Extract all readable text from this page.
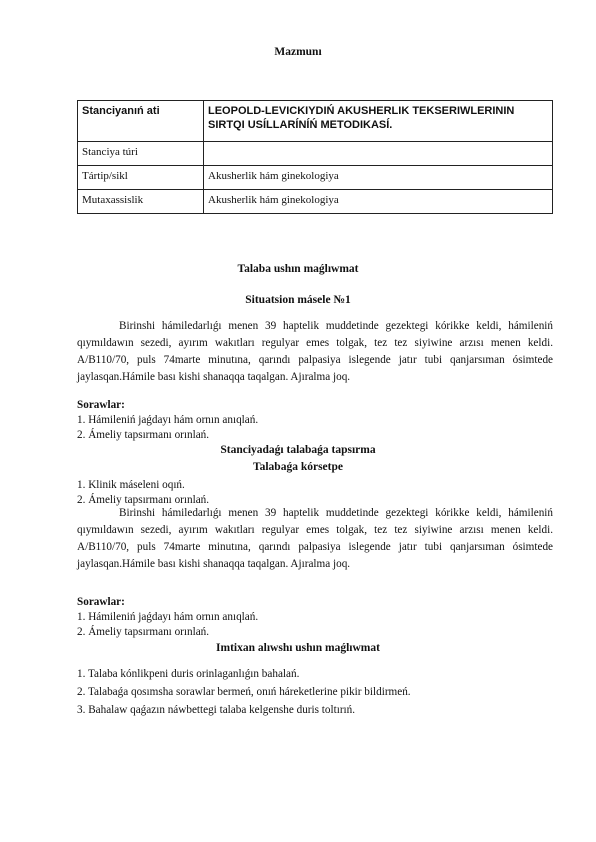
Mazmunı
Stanciyanıń ati	LEOPOLD-LEVICKIYDIŃ AKUSHERLIK TEKSERIWLERININ SIRTQI USÍLLARÍNÍŃ METODIKASÍ.
Stanciya túri	
Tártip/sikl	Akusherlik hám ginekologiya
Mutaxassislik	Akusherlik hám ginekologiya
Talaba ushın maǵlıwmat
Situatsion másele №1
Birinshi hámiledarlıǵı menen 39 haptelik muddetinde gezektegi kórikke keldi, hámileniń qıymıldawın sezedi, ayırım wakıtları regulyar emes tolgak, tez tez siyiwine arzısı menen keldi. A/B110/70, puls 74marte minutına, qarındı palpasiya islegende jatır tubi qanjarsıman ósimtede jaylasqan.Hámile bası kishi shanaqqa taqalgan. Ajıralma joq.
Sorawlar:
1. Hámileniń jaǵdayı hám ornın anıqlań.
2. Ámeliy tapsırmanı orınlań.
Stanciyadaǵı talabaǵa tapsırma
Talabaǵa kórsetpe
1. Klinik máseleni oqıń.
2. Ámeliy tapsırmanı orınlań.
Birinshi hámiledarlıǵı menen 39 haptelik muddetinde gezektegi kórikke keldi, hámileniń qıymıldawın sezedi, ayırım wakıtları regulyar emes tolgak, tez tez siyiwine arzısı menen keldi. A/B110/70, puls 74marte minutına, qarındı palpasiya islegende jatır tubi qanjarsıman ósimtede jaylasqan.Hámile bası kishi shanaqqa taqalgan. Ajıralma joq.
Sorawlar:
1. Hámileniń jaǵdayı hám ornın anıqlań.
2. Ámeliy tapsırmanı orınlań.
Imtixan alıwshı ushın maǵlıwmat
1. Talaba kónlikpeni duris orinlaganlıǵın bahalań.
2. Talabaǵa qosımsha sorawlar bermeń, onıń háreketlerine pikir bildirmeń.
3. Bahalaw qaǵazın náwbettegi talaba kelgenshe duris toltırıń.
